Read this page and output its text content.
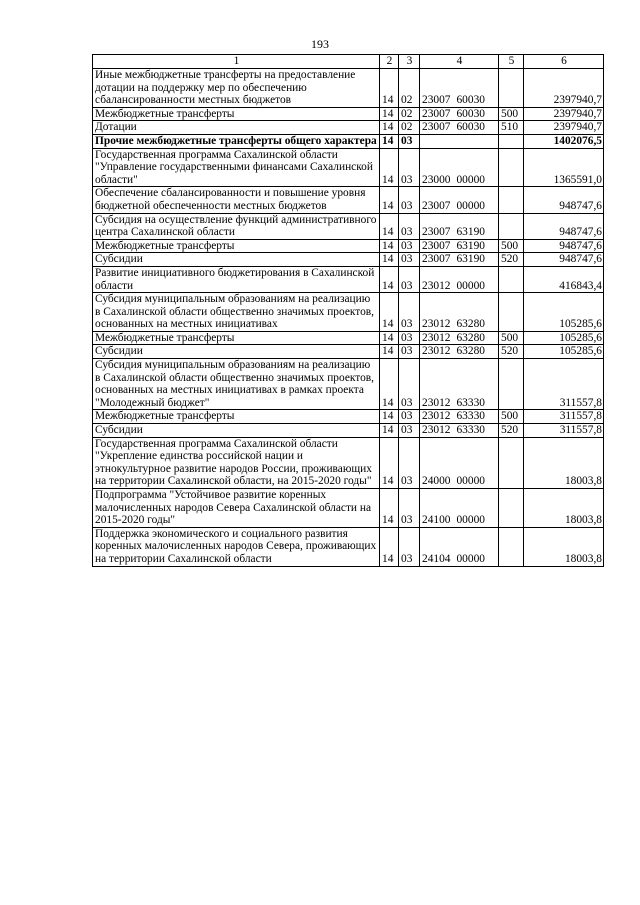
193
1	2	3	4	5	6
Иные межбюджетные трансферты на предоставление дотации на поддержку мер по обеспечению сбалансированности местных бюджетов	14	02	23007 60030		2397940,7
Межбюджетные трансферты	14	02	23007 60030	500	2397940,7
Дотации	14	02	23007 60030	510	2397940,7
Прочие межбюджетные трансферты общего характера	14	03			1402076,5
Государственная программа Сахалинской области "Управление государственными финансами Сахалинской области"	14	03	23000 00000		1365591,0
Обеспечение сбалансированности и повышение уровня бюджетной обеспеченности местных бюджетов	14	03	23007 00000		948747,6
Субсидия на осуществление функций административного центра Сахалинской области	14	03	23007 63190		948747,6
Межбюджетные трансферты	14	03	23007 63190	500	948747,6
Субсидии	14	03	23007 63190	520	948747,6
Развитие инициативного бюджетирования в Сахалинской области	14	03	23012 00000		416843,4
Субсидия муниципальным образованиям на реализацию в Сахалинской области общественно значимых проектов, основанных на местных инициативах	14	03	23012 63280		105285,6
Межбюджетные трансферты	14	03	23012 63280	500	105285,6
Субсидии	14	03	23012 63280	520	105285,6
Субсидия муниципальным образованиям на реализацию в Сахалинской области общественно значимых проектов, основанных на местных инициативах в рамках проекта "Молодежный бюджет"	14	03	23012 63330		311557,8
Межбюджетные трансферты	14	03	23012 63330	500	311557,8
Субсидии	14	03	23012 63330	520	311557,8
Государственная программа Сахалинской области "Укрепление единства российской нации и этнокультурное развитие народов России, проживающих на территории Сахалинской области, на 2015-2020 годы"	14	03	24000 00000		18003,8
Подпрограмма "Устойчивое развитие коренных малочисленных народов Севера Сахалинской области на 2015-2020 годы"	14	03	24100 00000		18003,8
Поддержка экономического и социального развития коренных малочисленных народов Севера, проживающих на территории Сахалинской области	14	03	24104 00000		18003,8
